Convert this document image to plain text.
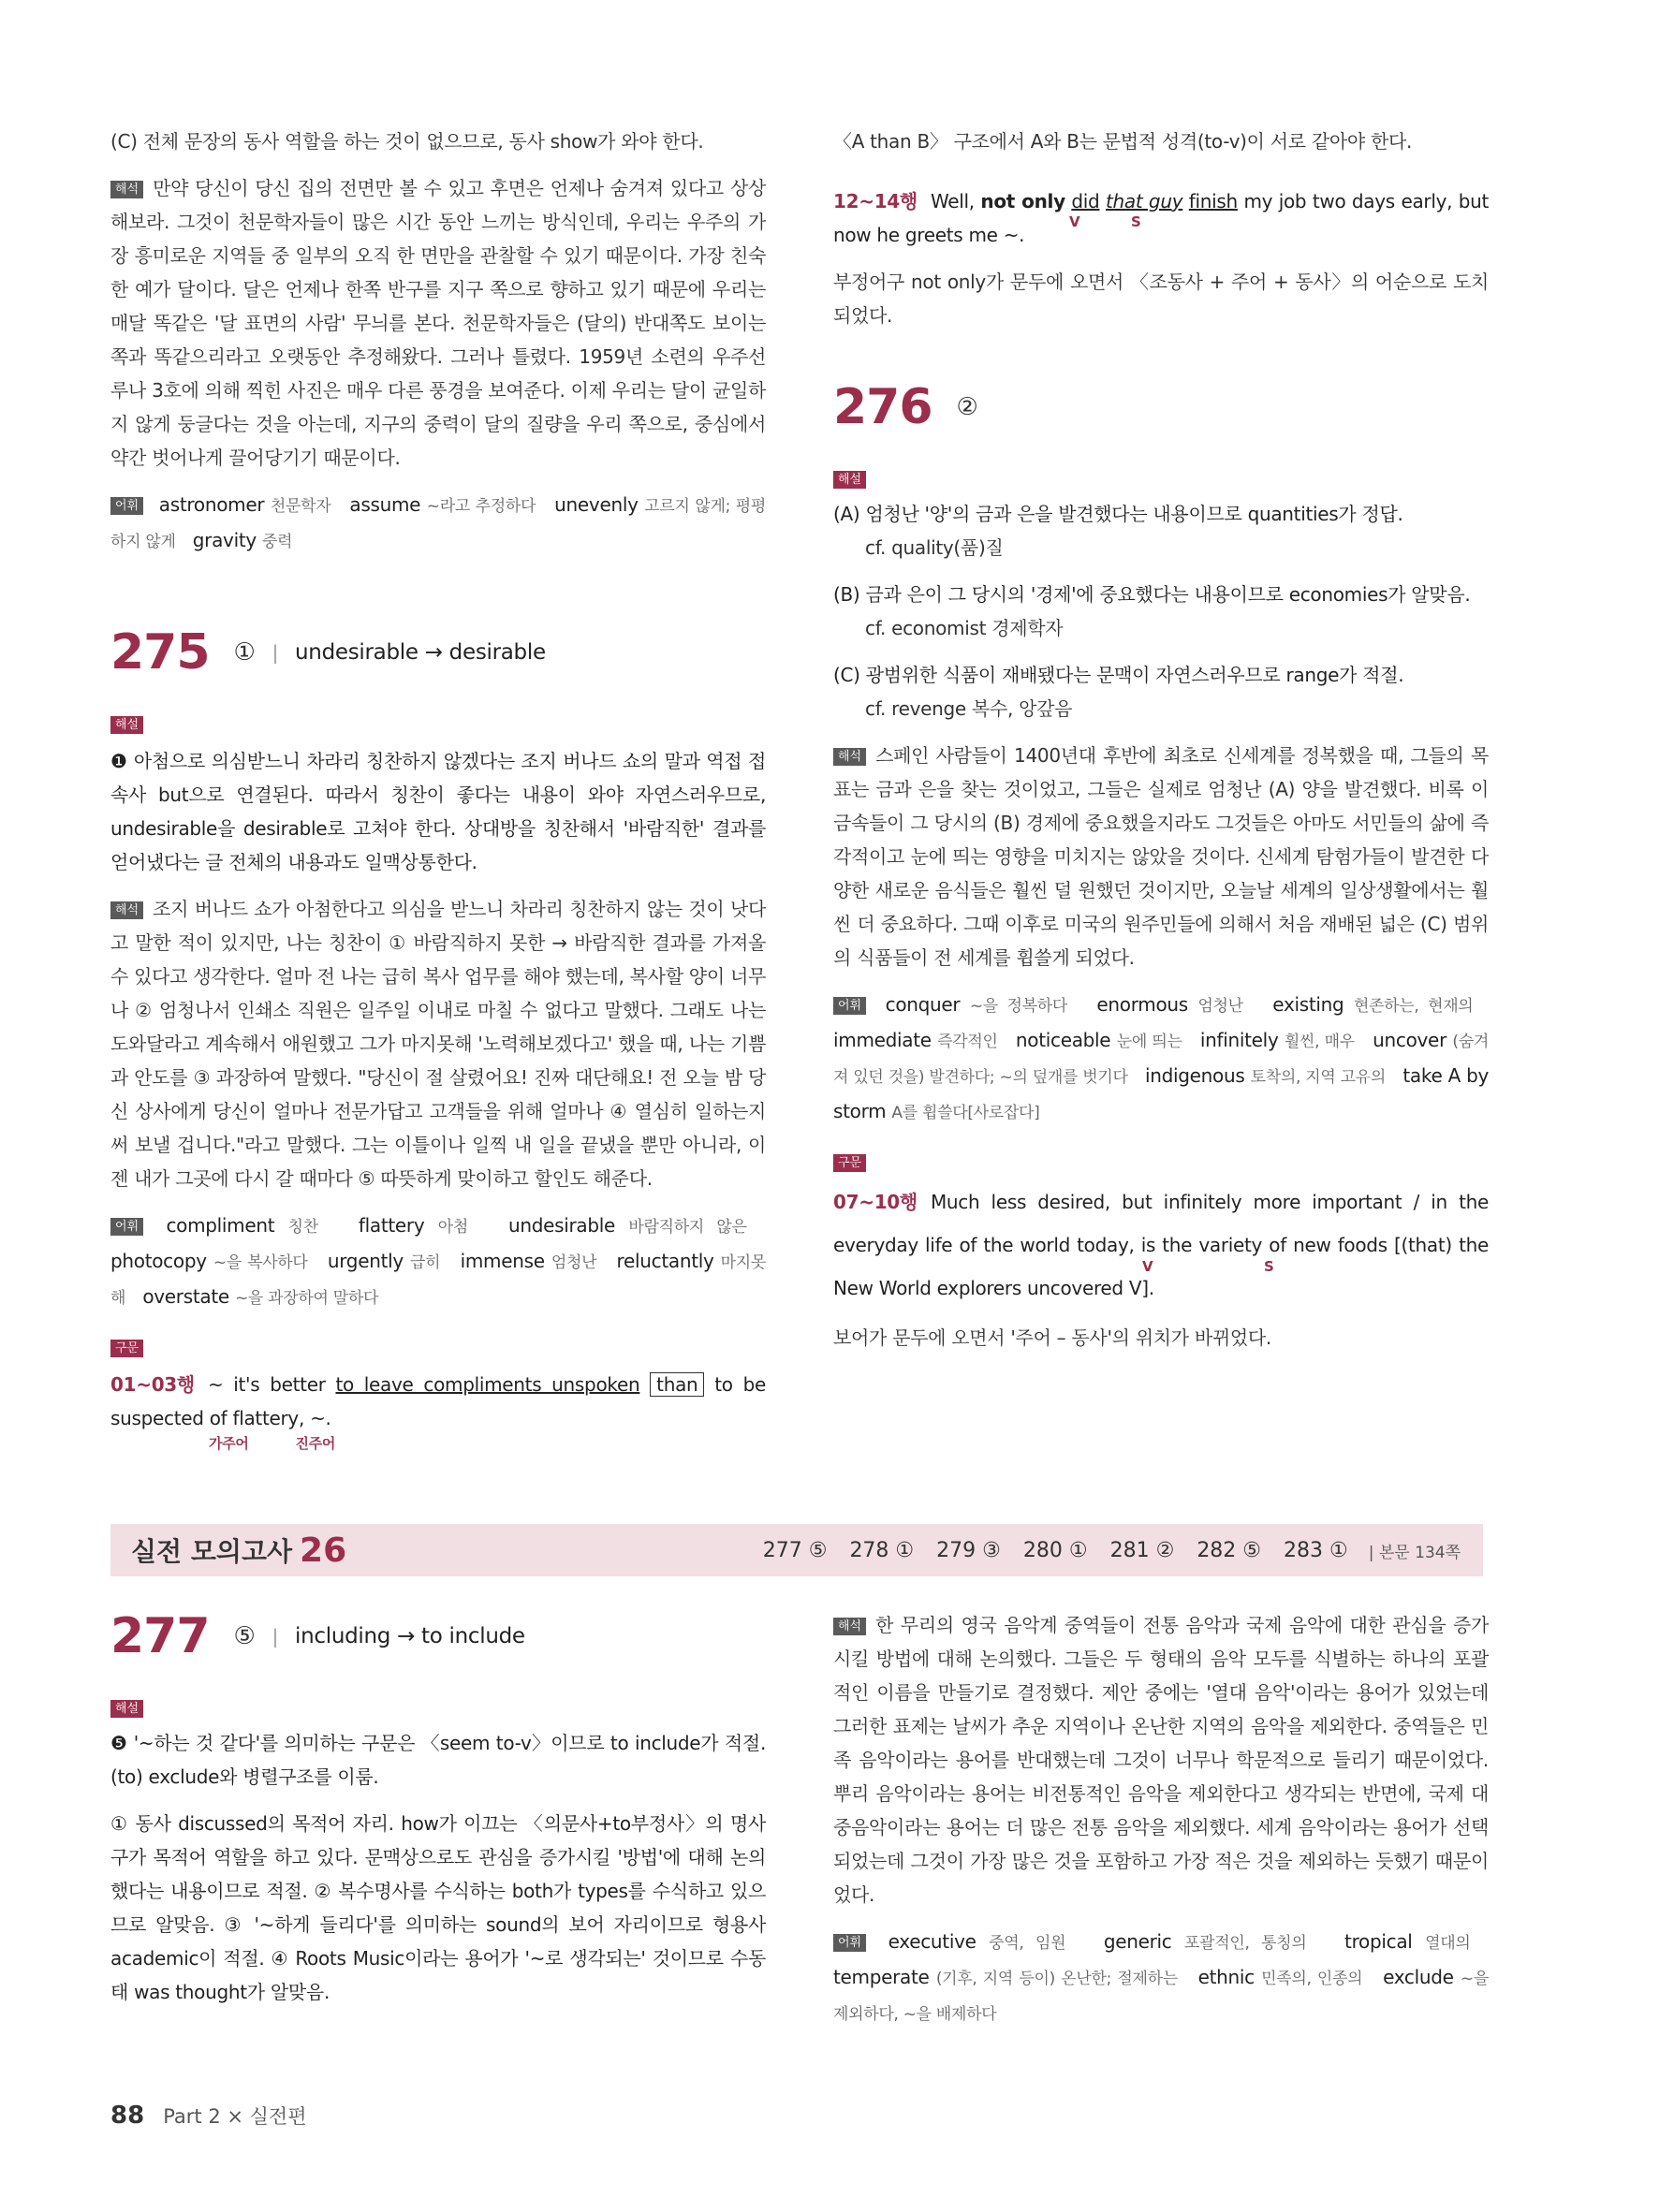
(C) 전체 문장의 동사 역할을 하는 것이 없으므로, 동사 show가 와야 한다.

해석 만약 당신이 당신 집의 전면만 볼 수 있고 후면은 언제나 숨겨져 있다고 상상해보라. 그것이 천문학자들이 많은 시간 동안 느끼는 방식인데, 우리는 우주의 가장 흥미로운 지역들 중 일부의 오직 한 면만을 관찰할 수 있기 때문이다. 가장 친숙한 예가 달이다. 달은 언제나 한쪽 반구를 지구 쪽으로 향하고 있기 때문에 우리는 매달 똑같은 '달 표면의 사람' 무늬를 본다. 천문학자들은 (달의) 반대쪽도 보이는 쪽과 똑같으리라고 오랫동안 추정해왔다. 그러나 틀렸다. 1959년 소련의 우주선 루나 3호에 의해 찍힌 사진은 매우 다른 풍경을 보여준다. 이제 우리는 달이 균일하지 않게 둥글다는 것을 아는데, 지구의 중력이 달의 질량을 우리 쪽으로, 중심에서 약간 벗어나게 끌어당기기 때문이다.

어휘 astronomer 천문학자 assume ~라고 추정하다 unevenly 고르지 않게; 평평하지 않게 gravity 중력

275 ① | undesirable → desirable
해설

❶ 아첨으로 의심받느니 차라리 칭찬하지 않겠다는 조지 버나드 쇼의 말과 역접 접속사 but으로 연결된다. 따라서 칭찬이 좋다는 내용이 와야 자연스러우므로, undesirable을 desirable로 고쳐야 한다. 상대방을 칭찬해서 '바람직한' 결과를 얻어냈다는 글 전체의 내용과도 일맥상통한다.

해석 조지 버나드 쇼가 아첨한다고 의심을 받느니 차라리 칭찬하지 않는 것이 낫다고 말한 적이 있지만, 나는 칭찬이 ① 바람직하지 못한 → 바람직한 결과를 가져올 수 있다고 생각한다. 얼마 전 나는 급히 복사 업무를 해야 했는데, 복사할 양이 너무나 ② 엄청나서 인쇄소 직원은 일주일 이내로 마칠 수 없다고 말했다. 그래도 나는 도와달라고 계속해서 애원했고 그가 마지못해 '노력해보겠다고' 했을 때, 나는 기쁨과 안도를 ③ 과장하여 말했다. "당신이 절 살렸어요! 진짜 대단해요! 전 오늘 밤 당신 상사에게 당신이 얼마나 전문가답고 고객들을 위해 얼마나 ④ 열심히 일하는지 써 보낼 겁니다."라고 말했다. 그는 이틀이나 일찍 내 일을 끝냈을 뿐만 아니라, 이젠 내가 그곳에 다시 갈 때마다 ⑤ 따뜻하게 맞이하고 할인도 해준다.

어휘 compliment 칭찬 flattery 아첨 undesirable 바람직하지 않은   photocopy ~을 복사하다 urgently 급히 immense 엄청난 reluctantly 마지못해 overstate ~을 과장하여 말하다

구문

01~03행 ~ it's better to leave compliments unspoken than to be suspected of flattery, ~.

가주어	진주어

〈A than B〉 구조에서 A와 B는 문법적 성격(to-v)이 서로 같아야 한다.

12~14행 Well, not only did that guy finish my job two days early, but now he greets me ~.

V	S

부정어구 not only가 문두에 오면서 〈조동사 + 주어 + 동사〉의 어순으로 도치되었다.

276 ②
해설

(A) 엄청난 '양'의 금과 은을 발견했다는 내용이므로 quantities가 정답.

cf. quality(품)질

(B) 금과 은이 그 당시의 '경제'에 중요했다는 내용이므로 economies가 알맞음.

cf. economist 경제학자

(C) 광범위한 식품이 재배됐다는 문맥이 자연스러우므로 range가 적절.

cf. revenge 복수, 앙갚음

해석 스페인 사람들이 1400년대 후반에 최초로 신세계를 정복했을 때, 그들의 목표는 금과 은을 찾는 것이었고, 그들은 실제로 엄청난 (A) 양을 발견했다. 비록 이 금속들이 그 당시의 (B) 경제에 중요했을지라도 그것들은 아마도 서민들의 삶에 즉각적이고 눈에 띄는 영향을 미치지는 않았을 것이다. 신세계 탐험가들이 발견한 다양한 새로운 음식들은 훨씬 덜 원했던 것이지만, 오늘날 세계의 일상생활에서는 훨씬 더 중요하다. 그때 이후로 미국의 원주민들에 의해서 처음 재배된 넓은 (C) 범위의 식품들이 전 세계를 휩쓸게 되었다.

어휘 conquer ~을 정복하다 enormous 엄청난 existing 현존하는, 현재의   immediate 즉각적인 noticeable 눈에 띄는 infinitely 훨씬, 매우 uncover (숨겨져 있던 것을) 발견하다; ~의 덮개를 벗기다 indigenous 토착의, 지역 고유의 take A by storm A를 휩쓸다[사로잡다]

구문

07~10행 Much less desired, but infinitely more important / in the everyday life of the world today, is the variety of new foods [(that) the New World explorers uncovered V].

V	S

보어가 문두에 오면서 '주어 – 동사'의 위치가 바뀌었다.

실전 모의고사 26	277 ⑤ 278 ① 279 ③ 280 ① 281 ② 282 ⑤ 283 ① | 본문 134쪽
277 ⑤ | including → to include
해설

❺ '~하는 것 같다'를 의미하는 구문은 〈seem to-v〉이므로 to include가 적절. (to) exclude와 병렬구조를 이룸.

① 동사 discussed의 목적어 자리. how가 이끄는 〈의문사+to부정사〉의 명사구가 목적어 역할을 하고 있다. 문맥상으로도 관심을 증가시킬 '방법'에 대해 논의했다는 내용이므로 적절. ② 복수명사를 수식하는 both가 types를 수식하고 있으므로 알맞음. ③ '~하게 들리다'를 의미하는 sound의 보어 자리이므로 형용사 academic이 적절. ④ Roots Music이라는 용어가 '~로 생각되는' 것이므로 수동태 was thought가 알맞음.

해석 한 무리의 영국 음악계 중역들이 전통 음악과 국제 음악에 대한 관심을 증가시킬 방법에 대해 논의했다. 그들은 두 형태의 음악 모두를 식별하는 하나의 포괄적인 이름을 만들기로 결정했다. 제안 중에는 '열대 음악'이라는 용어가 있었는데 그러한 표제는 날씨가 추운 지역이나 온난한 지역의 음악을 제외한다. 중역들은 민족 음악이라는 용어를 반대했는데 그것이 너무나 학문적으로 들리기 때문이었다. 뿌리 음악이라는 용어는 비전통적인 음악을 제외한다고 생각되는 반면에, 국제 대중음악이라는 용어는 더 많은 전통 음악을 제외했다. 세계 음악이라는 용어가 선택되었는데 그것이 가장 많은 것을 포함하고 가장 적은 것을 제외하는 듯했기 때문이었다.

어휘 executive 중역, 임원 generic 포괄적인, 통칭의 tropical 열대의   temperate (기후, 지역 등이) 온난한; 절제하는 ethnic 민족의, 인종의 exclude ~을 제외하다, ~을 배제하다

88 Part 2 × 실전편
